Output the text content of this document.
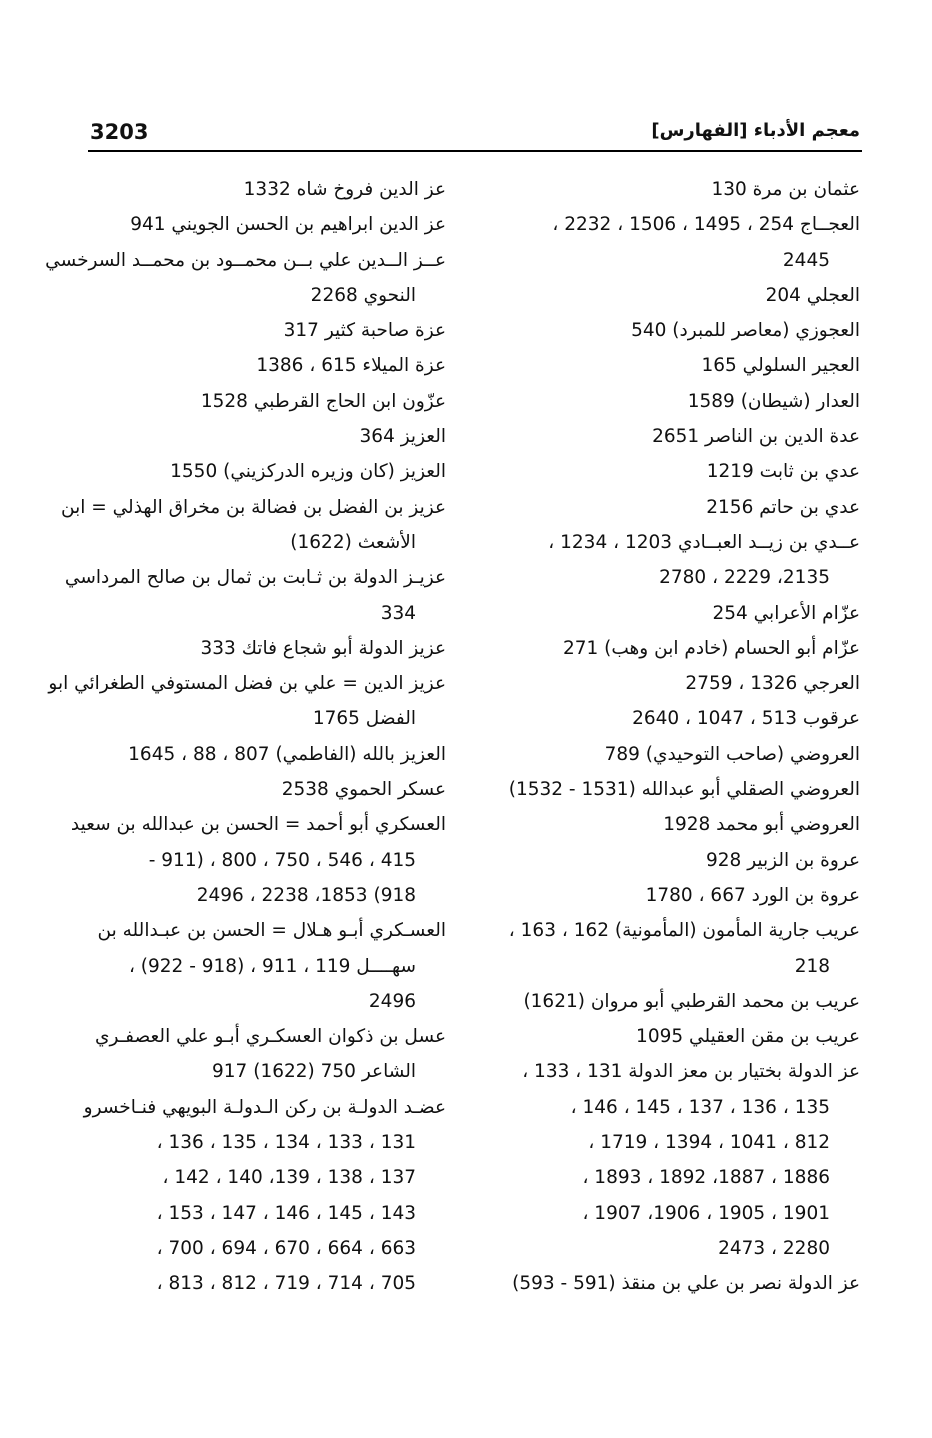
3203	معجم الأدباء [الفهارس]
عثمان بن مرة 130
العجــاج 254 ، 1495 ، 1506 ، 2232 ،
2445
العجلي 204
العجوزي (معاصر للمبرد) 540
العجير السلولي 165
العدار (شيطان) 1589
عدة الدين بن الناصر 2651
عدي بن ثابت 1219
عدي بن حاتم 2156
عــدي بن زيــد العبــادي 1203 ، 1234 ،
2135، 2229 ، 2780
عزّام الأعرابي 254
عزّام أبو الحسام (خادم ابن وهب) 271
العرجي 1326 ، 2759
عرقوب 513 ، 1047 ، 2640
العروضي (صاحب التوحيدي) 789
العروضي الصقلي أبو عبدالله (1531 - 1532)
العروضي أبو محمد 1928
عروة بن الزبير 928
عروة بن الورد 667 ، 1780
عريب جارية المأمون (المأمونية) 162 ، 163 ،
218
عريب بن محمد القرطبي أبو مروان (1621)
عريب بن مقن العقيلي 1095
عز الدولة بختيار بن معز الدولة 131 ، 133 ،
135 ، 136 ، 137 ، 145 ، 146 ،
812 ، 1041 ، 1394 ، 1719 ،
1886 ، 1887، 1892 ، 1893 ،
1901 ، 1905 ، 1906، 1907 ،
2280 ، 2473
عز الدولة نصر بن علي بن منقذ (591 - 593)
عز الدين فروخ شاه 1332
عز الدين ابراهيم بن الحسن الجويني 941
عــز الــدين علي بــن محمــود بن محمــد السرخسي
النحوي 2268
عزة صاحبة كثير 317
عزة الميلاء 615 ، 1386
عزّون ابن الحاج القرطبي 1528
العزيز 364
العزيز (كان وزيره الدركزيني) 1550
عزيز بن الفضل بن فضالة بن مخراق الهذلي = ابن
الأشعث (1622)
عزيـز الدولة بن ثـابت بن ثمال بن صالح المرداسي
334
عزيز الدولة أبو شجاع فاتك 333
عزيز الدين = علي بن فضل المستوفي الطغرائي ابو
الفضل 1765
العزيز بالله (الفاطمي) 807 ، 88 ، 1645
عسكر الحموي 2538
العسكري أبو أحمد = الحسن بن عبدالله بن سعيد
415 ، 546 ، 750 ، 800 ، (911 -
918) 1853، 2238 ، 2496
العسـكري أبـو هـلال = الحسن بن عبـدالله بن
سهــــل 119 ، 911 ، (918 - 922) ،
2496
عسل بن ذكوان العسكـري أبـو علي العصفـري
الشاعر 750 (1622) 917
عضـد الدولـة بن ركن الـدولـة البويهي فنـاخسرو
131 ، 133 ، 134 ، 135 ، 136 ،
137 ، 138 ، 139، 140 ، 142 ،
143 ، 145 ، 146 ، 147 ، 153 ،
663 ، 664 ، 670 ، 694 ، 700 ،
705 ، 714 ، 719 ، 812 ، 813 ،
